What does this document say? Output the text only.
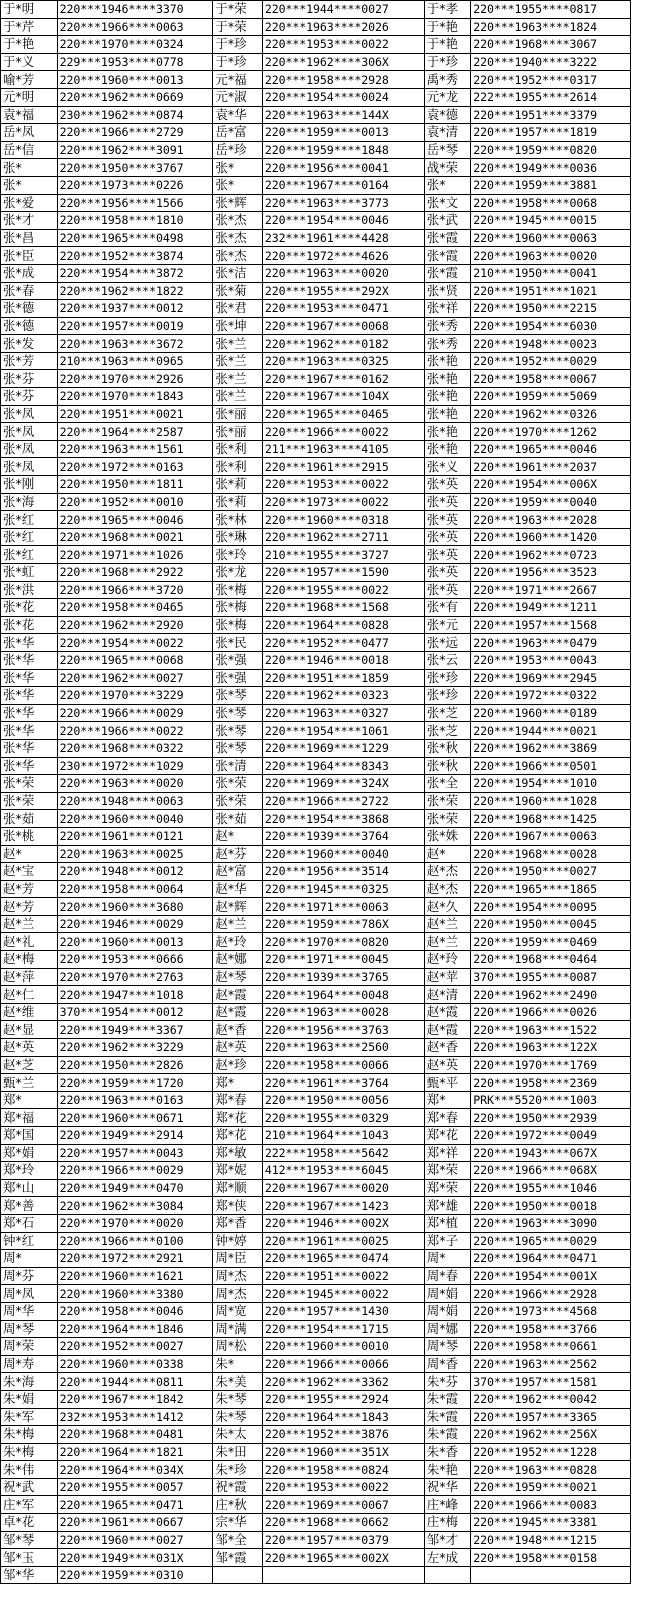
于*明	220***1946****3370	于*荣	220***1944****0027	于*孝	220***1955****0817
于*芹	220***1966****0063	于*荣	220***1963****2026	于*艳	220***1963****1824
于*艳	220***1970****0324	于*珍	220***1953****0022	于*艳	220***1968****3067
于*义	229***1953****0778	于*珍	220***1962****306X	于*珍	220***1940****3222
喻*芳	220***1960****0013	元*福	220***1958****2928	禹*秀	220***1952****0317
元*明	220***1962****0669	元*淑	220***1954****0024	元*龙	222***1955****2614
袁*福	230***1962****0874	袁*华	220***1963****144X	袁*德	220***1951****3379
岳*凤	220***1966****2729	岳*富	220***1959****0013	袁*清	220***1957****1819
岳*信	220***1962****3091	岳*珍	220***1959****1848	岳*琴	220***1959****0820
张*	220***1950****3767	张*	220***1956****0041	战*荣	220***1949****0036
张*	220***1973****0226	张*	220***1967****0164	张*	220***1959****3881
张*爱	220***1956****1566	张*辉	220***1963****3773	张*文	220***1958****0068
张*才	220***1958****1810	张*杰	220***1954****0046	张*武	220***1945****0015
张*昌	220***1965****0498	张*杰	232***1961****4428	张*霞	220***1960****0063
张*臣	220***1952****3874	张*杰	220***1972****4626	张*霞	220***1963****0020
张*成	220***1954****3872	张*洁	220***1963****0020	张*霞	210***1950****0041
张*春	220***1962****1822	张*菊	220***1955****292X	张*贤	220***1951****1021
张*德	220***1937****0012	张*君	220***1953****0471	张*祥	220***1950****2215
张*德	220***1957****0019	张*坤	220***1967****0068	张*秀	220***1954****6030
张*发	220***1963****3672	张*兰	220***1962****0182	张*秀	220***1948****0023
张*芳	210***1963****0965	张*兰	220***1963****0325	张*艳	220***1952****0029
张*芬	220***1970****2926	张*兰	220***1967****0162	张*艳	220***1958****0067
张*芬	220***1970****1843	张*兰	220***1967****104X	张*艳	220***1959****5069
张*凤	220***1951****0021	张*丽	220***1965****0465	张*艳	220***1962****0326
张*凤	220***1964****2587	张*丽	220***1966****0022	张*艳	220***1970****1262
张*凤	220***1963****1561	张*利	211***1963****4105	张*艳	220***1965****0046
张*凤	220***1972****0163	张*利	220***1961****2915	张*义	220***1961****2037
张*刚	220***1950****1811	张*莉	220***1953****0022	张*英	220***1954****006X
张*海	220***1952****0010	张*莉	220***1973****0022	张*英	220***1959****0040
张*红	220***1965****0046	张*林	220***1960****0318	张*英	220***1963****2028
张*红	220***1968****0021	张*琳	220***1962****2711	张*英	220***1960****1420
张*红	220***1971****1026	张*玲	210***1955****3727	张*英	220***1962****0723
张*虹	220***1968****2922	张*龙	220***1957****1590	张*英	220***1956****3523
张*洪	220***1966****3720	张*梅	220***1955****0022	张*英	220***1971****2667
张*花	220***1958****0465	张*梅	220***1968****1568	张*有	220***1949****1211
张*花	220***1962****2920	张*梅	220***1964****0828	张*元	220***1957****1568
张*华	220***1954****0022	张*民	220***1952****0477	张*远	220***1963****0479
张*华	220***1965****0068	张*强	220***1946****0018	张*云	220***1953****0043
张*华	220***1962****0027	张*强	220***1951****1859	张*珍	220***1969****2945
张*华	220***1970****3229	张*琴	220***1962****0323	张*珍	220***1972****0322
张*华	220***1966****0029	张*琴	220***1963****0327	张*芝	220***1960****0189
张*华	220***1966****0022	张*琴	220***1954****1061	张*芝	220***1944****0021
张*华	220***1968****0322	张*琴	220***1969****1229	张*秋	220***1962****3869
张*华	230***1972****1029	张*清	220***1964****8343	张*秋	220***1966****0501
张*荣	220***1963****0020	张*荣	220***1969****324X	张*全	220***1954****1010
张*荣	220***1948****0063	张*荣	220***1966****2722	张*荣	220***1960****1028
张*茹	220***1960****0040	张*茹	220***1954****3868	张*荣	220***1968****1425
张*桃	220***1961****0121	赵*	220***1939****3764	张*姝	220***1967****0063
赵*	220***1963****0025	赵*芬	220***1960****0040	赵*	220***1968****0028
赵*宝	220***1948****0012	赵*富	220***1956****3514	赵*杰	220***1950****0027
赵*芳	220***1958****0064	赵*华	220***1945****0325	赵*杰	220***1965****1865
赵*芳	220***1960****3680	赵*辉	220***1971****0063	赵*久	220***1954****0095
赵*兰	220***1946****0029	赵*兰	220***1959****786X	赵*兰	220***1950****0045
赵*礼	220***1960****0013	赵*玲	220***1970****0820	赵*兰	220***1959****0469
赵*梅	220***1953****0666	赵*娜	220***1971****0045	赵*玲	220***1968****0464
赵*萍	220***1970****2763	赵*琴	220***1939****3765	赵*苹	370***1955****0087
赵*仁	220***1947****1018	赵*霞	220***1964****0048	赵*清	220***1962****2490
赵*维	370***1954****0012	赵*霞	220***1963****0028	赵*霞	220***1966****0026
赵*显	220***1949****3367	赵*香	220***1956****3763	赵*霞	220***1963****1522
赵*英	220***1962****3229	赵*英	220***1963****2560	赵*香	220***1963****122X
赵*芝	220***1950****2826	赵*珍	220***1958****0066	赵*英	220***1970****1769
甄*兰	220***1959****1720	郑*	220***1961****3764	甄*平	220***1958****2369
郑*	220***1963****0163	郑*春	220***1950****0056	郑*	PRK***5520****1003
郑*福	220***1960****0671	郑*花	220***1955****0329	郑*春	220***1950****2939
郑*国	220***1949****2914	郑*花	210***1964****1043	郑*花	220***1972****0049
郑*娟	220***1957****0043	郑*敏	222***1958****5642	郑*祥	220***1943****067X
郑*玲	220***1966****0029	郑*妮	412***1953****6045	郑*荣	220***1966****068X
郑*山	220***1949****0470	郑*顺	220***1967****0020	郑*荣	220***1955****1046
郑*善	220***1962****3084	郑*侠	220***1967****1423	郑*雄	220***1950****0018
郑*石	220***1970****0020	郑*香	220***1946****002X	郑*植	220***1963****3090
钟*红	220***1966****0100	钟*婷	220***1961****0025	郑*子	220***1965****0029
周*	220***1972****2921	周*臣	220***1965****0474	周*	220***1964****0471
周*芬	220***1960****1621	周*杰	220***1951****0022	周*春	220***1954****001X
周*凤	220***1960****3380	周*杰	220***1945****0022	周*娟	220***1966****2928
周*华	220***1958****0046	周*宽	220***1957****1430	周*娟	220***1973****4568
周*琴	220***1964****1846	周*满	220***1954****1715	周*娜	220***1958****3766
周*荣	220***1952****0027	周*松	220***1960****0010	周*琴	220***1958****0661
周*寿	220***1960****0338	朱*	220***1966****0066	周*香	220***1963****2562
朱*海	220***1944****0811	朱*美	220***1962****3362	朱*芬	370***1957****1581
朱*娟	220***1967****1842	朱*琴	220***1955****2924	朱*霞	220***1962****0042
朱*军	232***1953****1412	朱*琴	220***1964****1843	朱*霞	220***1957****3365
朱*梅	220***1968****0481	朱*太	220***1952****3876	朱*霞	220***1962****256X
朱*梅	220***1964****1821	朱*田	220***1960****351X	朱*香	220***1952****1228
朱*伟	220***1964****034X	朱*珍	220***1958****0824	朱*艳	220***1963****0828
祝*武	220***1955****0057	祝*霞	220***1953****0022	祝*华	220***1959****0021
庄*军	220***1965****0471	庄*秋	220***1969****0067	庄*峰	220***1966****0083
卓*花	220***1961****0667	宗*华	220***1968****0662	庄*梅	220***1945****3381
邹*琴	220***1960****0027	邹*全	220***1957****0379	邹*才	220***1948****1215
邹*玉	220***1949****031X	邹*霞	220***1965****002X	左*成	220***1958****0158
邹*华	220***1959****0310				
